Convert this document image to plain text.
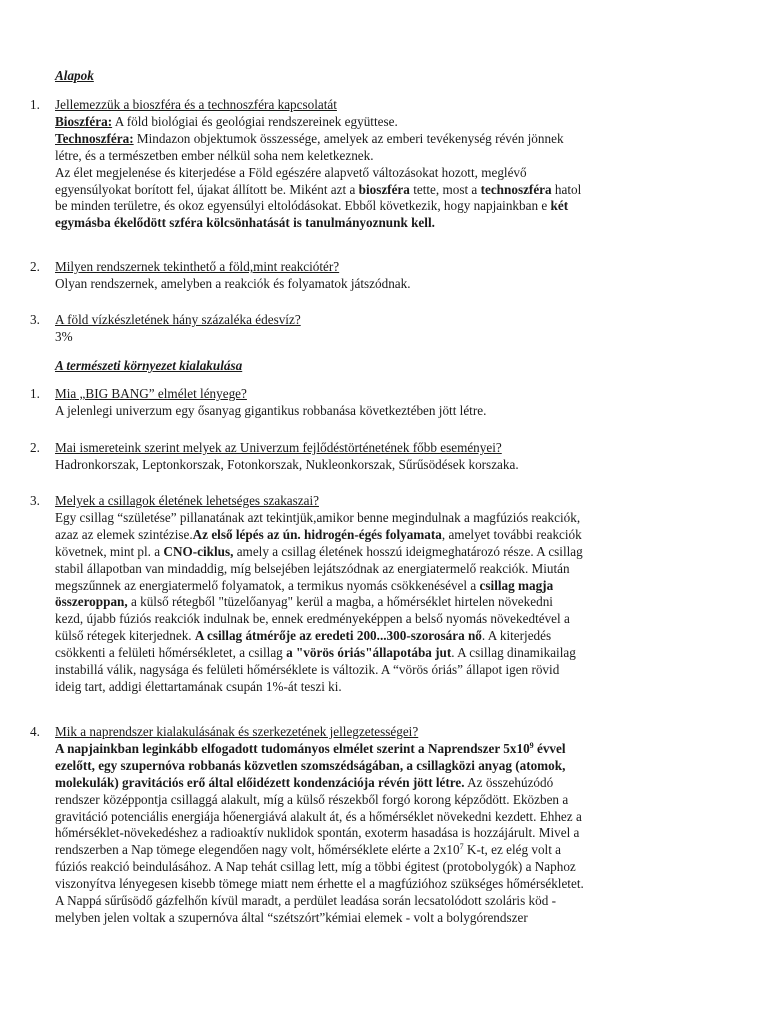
Alapok
1. Jellemezzük a bioszféra és a technoszféra kapcsolatát
Bioszféra: A föld biológiai és geológiai rendszereinek együttese.
Technoszféra: Mindazon objektumok összessége, amelyek az emberi tevékenység révén jönnek
létre, és a természetben ember nélkül soha nem keletkeznek.
Az élet megjelenése és kiterjedése a Föld egészére alapvető változásokat hozott, meglévő
egyensúlyokat borított fel, újakat állított be. Miként azt a bioszféra tette, most a technoszféra hatol
be minden területre, és okoz egyensúlyi eltolódásokat. Ebből következik, hogy napjainkban e két
egymásba ékelődött szféra kölcsönhatását is tanulmányoznunk kell.
2. Milyen rendszernek tekinthető a föld,mint reakciótér?
Olyan rendszernek, amelyben a reakciók és folyamatok játszódnak.
3. A föld vízkészletének hány százaléka édesvíz?
3%
A természeti környezet kialakulása
1. Mia „BIG BANG” elmélet lényege?
A jelenlegi univerzum egy ősanyag gigantikus robbanása következtében jött létre.
2. Mai ismereteink szerint melyek az Univerzum fejlődéstörténetének főbb eseményei?
Hadronkorszak, Leptonkorszak, Fotonkorszak, Nukleonkorszak, Sűrűsödések korszaka.
3. Melyek a csillagok életének lehetséges szakaszai?
Egy csillag “születése” pillanatának azt tekintjük,amikor benne megindulnak a magfúziós reakciók,
azaz az elemek szintézise.Az első lépés az ún. hidrogén-égés folyamata, amelyet további reakciók
követnek, mint pl. a CNO-ciklus, amely a csillag életének hosszú ideigmeghatározó része. A csillag
stabil állapotban van mindaddig, míg belsejében lejátszódnak az energiatermelő reakciók. Miután
megszűnnek az energiatermelő folyamatok, a termikus nyomás csökkenésével a csillag magja
összeroppan, a külső rétegből "tüzelőanyag" kerül a magba, a hőmérséklet hirtelen növekedni
kezd, újabb fúziós reakciók indulnak be, ennek eredményeképpen a belső nyomás növekedtével a
külső rétegek kiterjednek. A csillag átmérője az eredeti 200...300-szorosára nő. A kiterjedés
csökkenti a felületi hőmérsékletet, a csillag a "vörös óriás"állapotába jut. A csillag dinamikailag
instabillá válik, nagysága és felületi hőmérséklete is változik. A “vörös óriás” állapot igen rövid
ideig tart, addigi élettartamának csupán 1%-át teszi ki.
4. Mik a naprendszer kialakulásának és szerkezetének jellegzetességei?
A napjainkban leginkább elfogadott tudományos elmélet szerint a Naprendszer $5x10^9$ évvel
ezelőtt, egy szupernóva robbanás közvetlen szomszédságában, a csillagközi anyag (atomok,
molekulák) gravitációs erő által előidézett kondenzációja révén jött létre. Az összehúzódó
rendszer középpontja csillaggá alakult, míg a külső részekből forgó korong képződött. Eközben a
gravitáció potenciális energiája hőenergiává alakult át, és a hőmérséklet növekedni kezdett. Ehhez a
hőmérséklet-növekedéshez a radioaktív nuklidok spontán, exoterm hasadása is hozzájárult. Mivel a
rendszerben a Nap tömege elegendően nagy volt, hőmérséklete elérte a $2x10^7$ K-t, ez elég volt a
fúziós reakció beindulásához. A Nap tehát csillag lett, míg a többi égitest (protobolygók) a Naphoz
viszonyítva lényegesen kisebb tömege miatt nem érhette el a magfúzióhoz szükséges hőmérsékletet.
A Nappá sűrűsödő gázfelhőn kívül maradt, a perdület leadása során lecsatolódott szoláris köd -
melyben jelen voltak a szupernóva által “szétszórt”kémiai elemek - volt a bolygórendszer
